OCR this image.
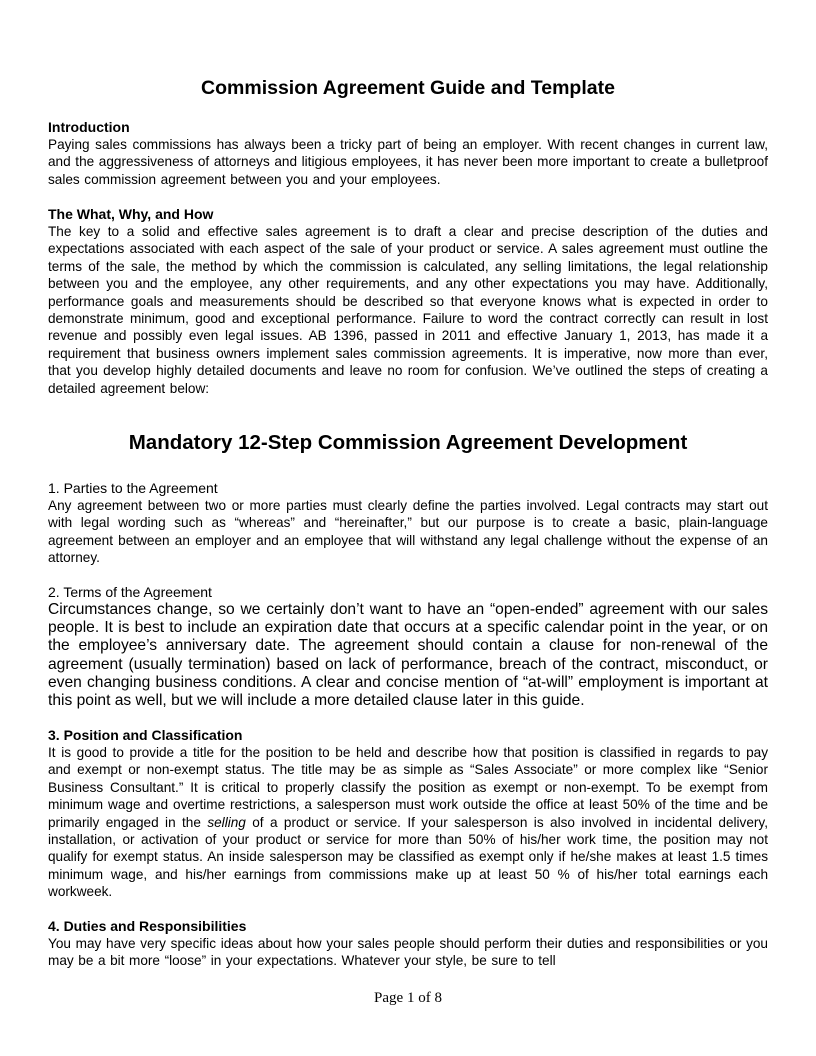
Commission Agreement Guide and Template
Introduction

Paying sales commissions has always been a tricky part of being an employer. With recent changes in current law, and the aggressiveness of attorneys and litigious employees, it has never been more important to create a bulletproof sales commission agreement between you and your employees.

The What, Why, and How

The key to a solid and effective sales agreement is to draft a clear and precise description of the duties and expectations associated with each aspect of the sale of your product or service. A sales agreement must outline the terms of the sale, the method by which the commission is calculated, any selling limitations, the legal relationship between you and the employee, any other requirements, and any other expectations you may have. Additionally, performance goals and measurements should be described so that everyone knows what is expected in order to demonstrate minimum, good and exceptional performance. Failure to word the contract correctly can result in lost revenue and possibly even legal issues. AB 1396, passed in 2011 and effective January 1, 2013, has made it a requirement that business owners implement sales commission agreements. It is imperative, now more than ever, that you develop highly detailed documents and leave no room for confusion. We’ve outlined the steps of creating a detailed agreement below:

Mandatory 12-Step Commission Agreement Development
1. Parties to the Agreement

Any agreement between two or more parties must clearly define the parties involved. Legal contracts may start out with legal wording such as “whereas” and “hereinafter,” but our purpose is to create a basic, plain-language agreement between an employer and an employee that will withstand any legal challenge without the expense of an attorney.

2. Terms of the Agreement

Circumstances change, so we certainly don’t want to have an “open-ended” agreement with our sales people. It is best to include an expiration date that occurs at a specific calendar point in the year, or on the employee’s anniversary date. The agreement should contain a clause for non-renewal of the agreement (usually termination) based on lack of performance, breach of the contract, misconduct, or even changing business conditions. A clear and concise mention of “at-will” employment is important at this point as well, but we will include a more detailed clause later in this guide.

3. Position and Classification

It is good to provide a title for the position to be held and describe how that position is classified in regards to pay and exempt or non-exempt status. The title may be as simple as “Sales Associate” or more complex like “Senior Business Consultant.” It is critical to properly classify the position as exempt or non-exempt. To be exempt from minimum wage and overtime restrictions, a salesperson must work outside the office at least 50% of the time and be primarily engaged in the selling of a product or service. If your salesperson is also involved in incidental delivery, installation, or activation of your product or service for more than 50% of his/her work time, the position may not qualify for exempt status. An inside salesperson may be classified as exempt only if he/she makes at least 1.5 times minimum wage, and his/her earnings from commissions make up at least 50 % of his/her total earnings each workweek.

4. Duties and Responsibilities

You may have very specific ideas about how your sales people should perform their duties and responsibilities or you may be a bit more “loose” in your expectations. Whatever your style, be sure to tell

Page 1 of 8
